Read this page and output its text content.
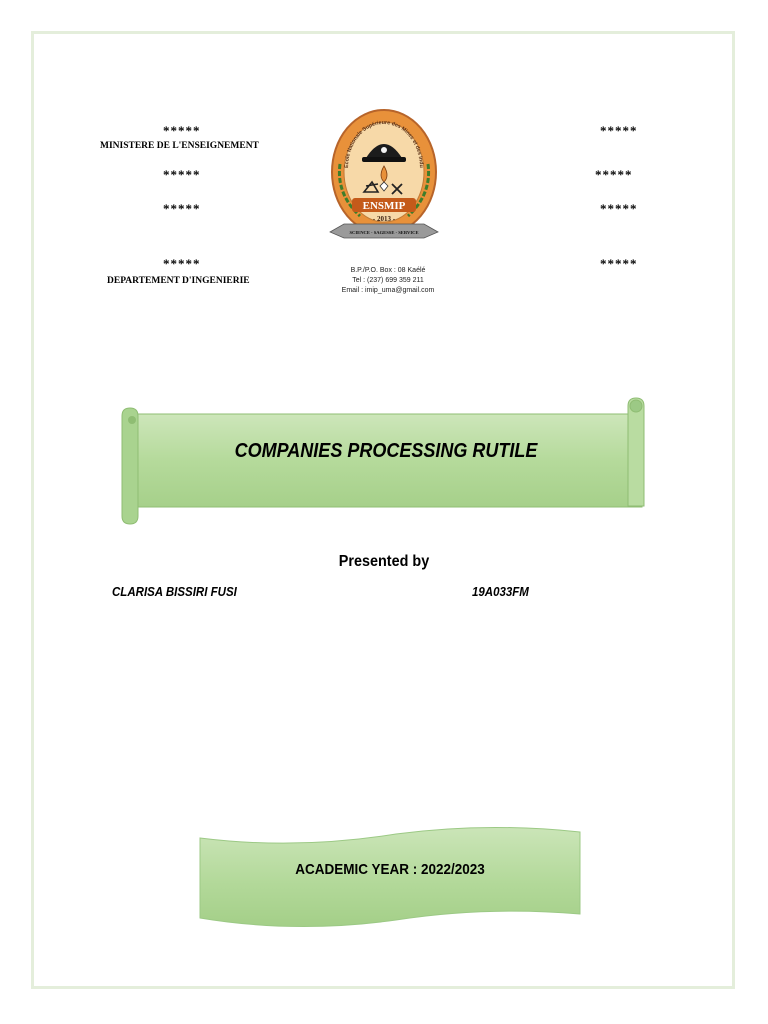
*****
MINISTERE DE L'ENSEIGNEMENT
*****
*****
*****
DEPARTEMENT D'INGENIERIE
*****
*****
*****
*****
Ecole Nationale Supérieure des Mines et des Indu
ENSMIP
- 2013 -
SCIENCE - SAGESSE - SERVICE
B.P./P.O. Box : 08 Kaélé
Tel : (237) 699 359 211
Email : imip_uma@gmail.com
COMPANIES PROCESSING RUTILE
Presented by
CLARISA BISSIRI FUSI	19A033FM
ACADEMIC YEAR : 2022/2023
